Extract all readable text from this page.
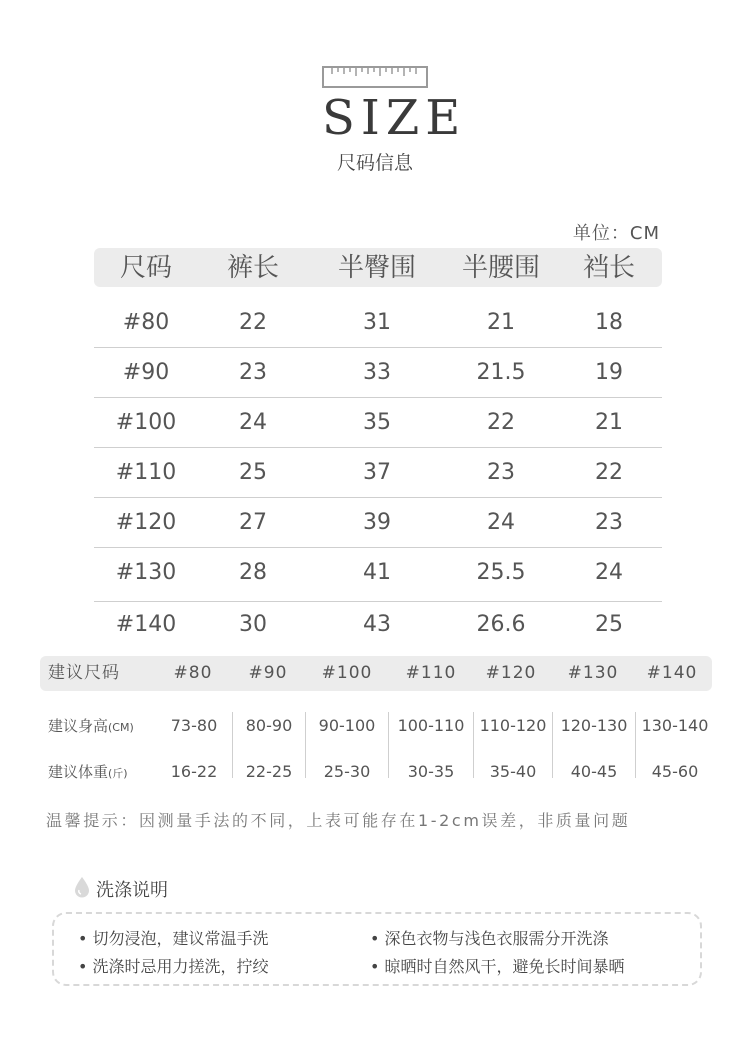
SIZE
尺码信息
单位：CM
尺码	裤长	半臀围	半腰围	裆长
#80	22	31	21	18
#90	23	33	21.5	19
#100	24	35	22	21
#110	25	37	23	22
#120	27	39	24	23
#130	28	41	25.5	24
#140	30	43	26.6	25
建议尺码	#80	#90	#100	#110	#120	#130	#140
建议身高(CM)	73-80	80-90	90-100	100-110 110-120 120-130 130-140
建议体重(斤)	16-22	22-25	25-30	30-35	35-40	40-45	45-60
温馨提示：因测量手法的不同，上表可能存在1-2cm误差，非质量问题
洗涤说明
• 切勿浸泡，建议常温手洗	• 深色衣物与浅色衣服需分开洗涤
• 洗涤时忌用力搓洗，拧绞	• 晾晒时自然风干，避免长时间暴晒
